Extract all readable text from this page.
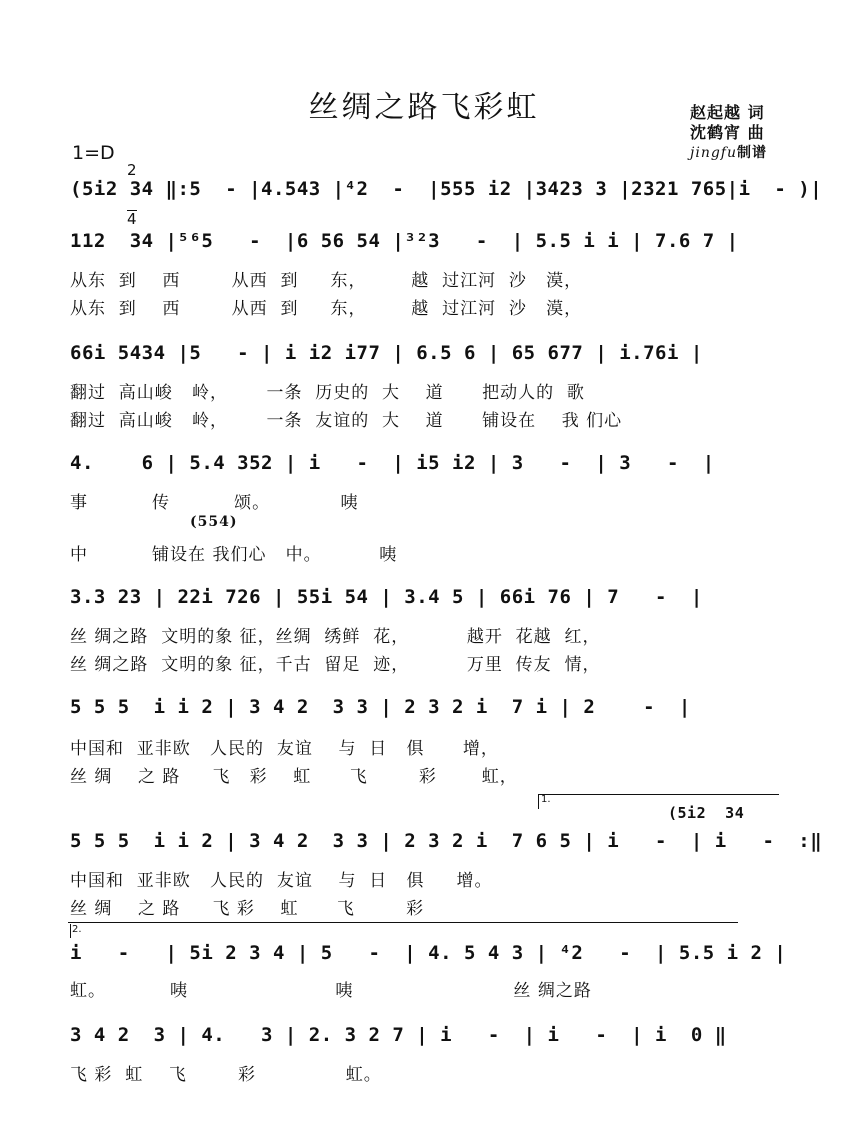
丝绸之路飞彩虹	赵起越 词
沈鹤宵 曲
jingfu制谱
1=D

2

4

(5i2 34 ‖:5  - |4.543 |⁴2  -  |555 i2 |3423 3 |2321 765|i  - )|
112  34 |⁵⁶5   -  |6 56 54 |³²3   -  | 5.5 i i | 7.6 7 |
从东  到    西        从西  到     东，       越  过江河  沙   漠，
从东  到    西        从西  到     东，       越  过江河  沙   漠，
66i 5434 |5   - | i i2 i77 | 6.5 6 | 65 677 | i.76i |
翻过  高山峻   岭，      一条  历史的  大    道      把动人的  歌
翻过  高山峻   岭，      一条  友谊的  大    道      铺设在    我 们心
4.    6 | 5.4 352 | i   -  | i5 i2 | 3   -  | 3   -  |
事          传          颂。           咦
(554)
中          铺设在 我们心   中。         咦
3.3 23 | 22i 726 | 55i 54 | 3.4 5 | 66i 76 | 7   -  |
丝 绸之路  文明的象 征，丝绸  绣鲜  花，         越开  花越  红，
丝 绸之路  文明的象 征，千古  留足  迹，         万里  传友  情，
5 5 5  i i 2 | 3 4 2  3 3 | 2 3 2 i  7 i | 2    -  |
中国和  亚非欧   人民的  友谊    与  日   俱      增，
丝 绸    之 路     飞   彩    虹      飞        彩       虹，
1.
(5i2  34
5 5 5  i i 2 | 3 4 2  3 3 | 2 3 2 i  7 6 5 | i   -  | i   -  :‖
中国和  亚非欧   人民的  友谊    与  日   俱     增。
丝 绸    之 路     飞 彩    虹      飞        彩
2.
i   -   | 5i 2 3 4 | 5   -  | 4. 5 4 3 | ⁴2   -  | 5.5 i 2 |
虹。          咦                       咦                         丝 绸之路
3 4 2  3 | 4.   3 | 2. 3 2 7 | i   -  | i   -  | i  0 ‖
飞 彩  虹    飞        彩              虹。
